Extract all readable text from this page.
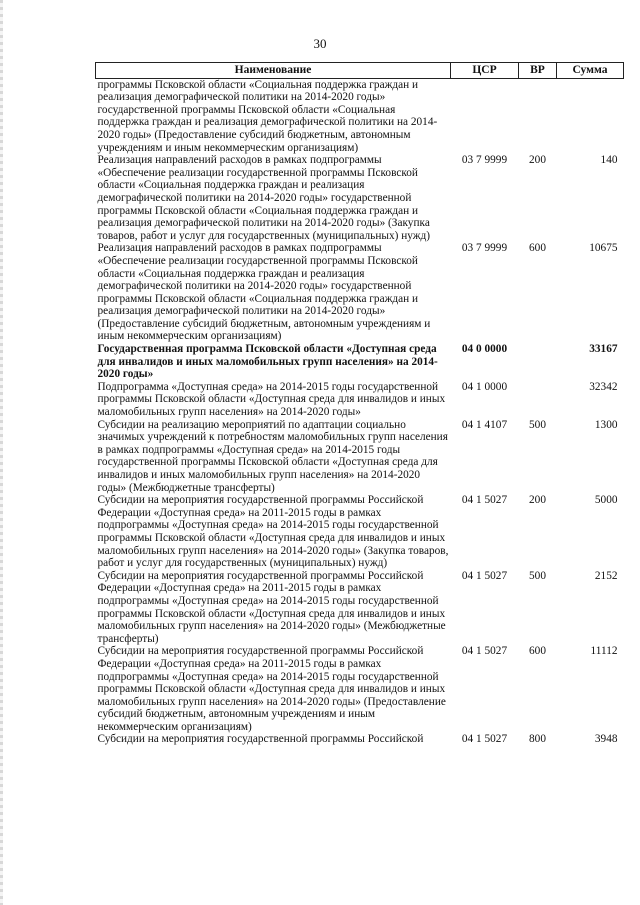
30
Наименование	ЦСР	ВР	Сумма
программы Псковской области «Социальная поддержка граждан и реализация демографической политики на 2014-2020 годы» государственной программы Псковской области «Социальная поддержка граждан и реализация демографической политики на 2014-2020 годы» (Предоставление субсидий бюджетным, автономным учреждениям и иным некоммерческим организациям)			
Реализация направлений расходов в рамках подпрограммы «Обеспечение реализации государственной программы Псковской области «Социальная поддержка граждан и реализация демографической политики на 2014-2020 годы» государственной программы Псковской области «Социальная поддержка граждан и реализация демографической политики на 2014-2020 годы» (Закупка товаров, работ и услуг для государственных (муниципальных) нужд)	03 7 9999	200	140
Реализация направлений расходов в рамках подпрограммы «Обеспечение реализации государственной программы Псковской области «Социальная поддержка граждан и реализация демографической политики на 2014-2020 годы» государственной программы Псковской области «Социальная поддержка граждан и реализация демографической политики на 2014-2020 годы» (Предоставление субсидий бюджетным, автономным учреждениям и иным некоммерческим организациям)	03 7 9999	600	10675
Государственная программа Псковской области «Доступная среда для инвалидов и иных маломобильных групп населения» на 2014-2020 годы»	04 0 0000		33167
Подпрограмма «Доступная среда» на 2014-2015 годы государственной программы Псковской области «Доступная среда для инвалидов и иных маломобильных групп населения» на 2014-2020 годы»	04 1 0000		32342
Субсидии на реализацию мероприятий по адаптации социально значимых учреждений к потребностям маломобильных групп населения в рамках подпрограммы «Доступная среда» на 2014-2015 годы государственной программы Псковской области «Доступная среда для инвалидов и иных маломобильных групп населения» на 2014-2020 годы» (Межбюджетные трансферты)	04 1 4107	500	1300
Субсидии на мероприятия государственной программы Российской Федерации «Доступная среда» на 2011-2015 годы в рамках подпрограммы «Доступная среда» на 2014-2015 годы государственной программы Псковской области «Доступная среда для инвалидов и иных маломобильных групп населения» на 2014-2020 годы» (Закупка товаров, работ и услуг для государственных (муниципальных) нужд)	04 1 5027	200	5000
Субсидии на мероприятия государственной программы Российской Федерации «Доступная среда» на 2011-2015 годы в рамках подпрограммы «Доступная среда» на 2014-2015 годы государственной программы Псковской области «Доступная среда для инвалидов и иных маломобильных групп населения» на 2014-2020 годы» (Межбюджетные трансферты)	04 1 5027	500	2152
Субсидии на мероприятия государственной программы Российской Федерации «Доступная среда» на 2011-2015 годы в рамках подпрограммы «Доступная среда» на 2014-2015 годы государственной программы Псковской области «Доступная среда для инвалидов и иных маломобильных групп населения» на 2014-2020 годы» (Предоставление субсидий бюджетным, автономным учреждениям и иным некоммерческим организациям)	04 1 5027	600	11112
Субсидии на мероприятия государственной программы Российской	04 1 5027	800	3948
